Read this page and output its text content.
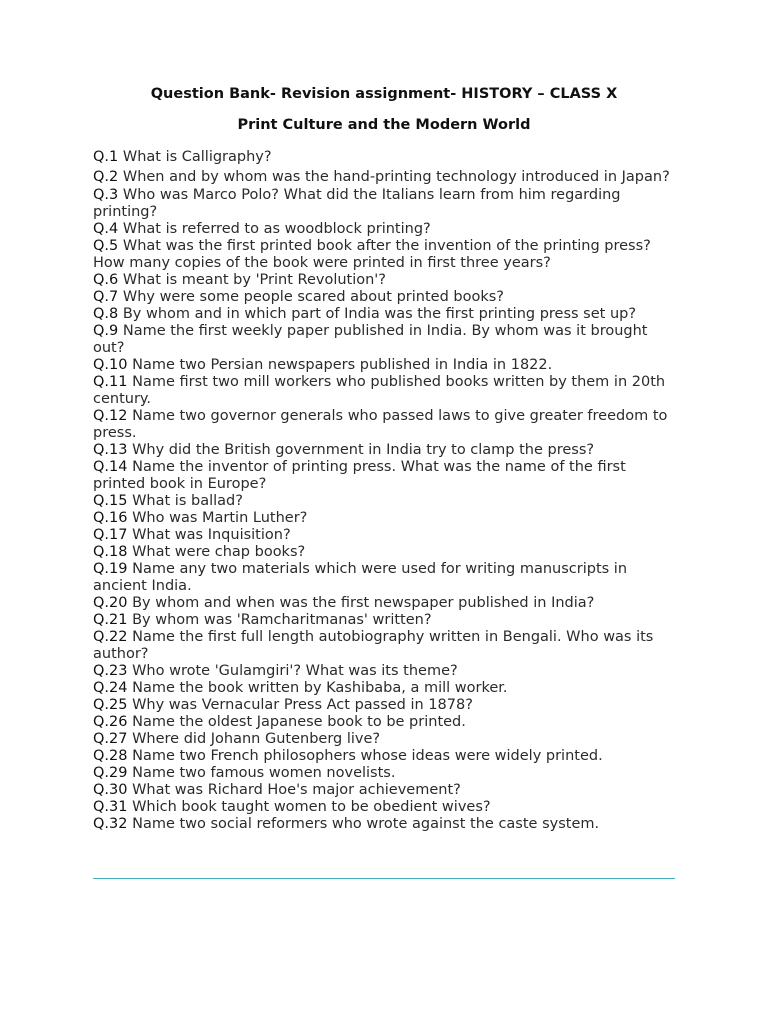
Question Bank- Revision assignment- HISTORY – CLASS X
Print Culture and the Modern World

Q.1 What is Calligraphy?

Q.2 When and by whom was the hand-printing technology introduced in Japan?

Q.3 Who was Marco Polo? What did the Italians learn from him regarding printing?

Q.4 What is referred to as woodblock printing?

Q.5 What was the first printed book after the invention of the printing press? How many copies of the book were printed in first three years?

Q.6 What is meant by 'Print Revolution'?

Q.7 Why were some people scared about printed books?

Q.8 By whom and in which part of India was the first printing press set up?

Q.9 Name the first weekly paper published in India. By whom was it brought out?

Q.10 Name two Persian newspapers published in India in 1822.

Q.11 Name first two mill workers who published books written by them in 20th century.

Q.12 Name two governor generals who passed laws to give greater freedom to press.

Q.13 Why did the British government in India try to clamp the press?

Q.14 Name the inventor of printing press. What was the name of the first printed book in Europe?

Q.15 What is ballad?

Q.16 Who was Martin Luther?

Q.17 What was Inquisition?

Q.18 What were chap books?

Q.19 Name any two materials which were used for writing manuscripts in ancient India.

Q.20 By whom and when was the first newspaper published in India?

Q.21 By whom was 'Ramcharitmanas' written?

Q.22 Name the first full length autobiography written in Bengali. Who was its author?

Q.23 Who wrote 'Gulamgiri'? What was its theme?

Q.24 Name the book written by Kashibaba, a mill worker.

Q.25 Why was Vernacular Press Act passed in 1878?

Q.26 Name the oldest Japanese book to be printed.

Q.27 Where did Johann Gutenberg live?

Q.28 Name two French philosophers whose ideas were widely printed.

Q.29 Name two famous women novelists.

Q.30 What was Richard Hoe's major achievement?

Q.31 Which book taught women to be obedient wives?

Q.32 Name two social reformers who wrote against the caste system.
